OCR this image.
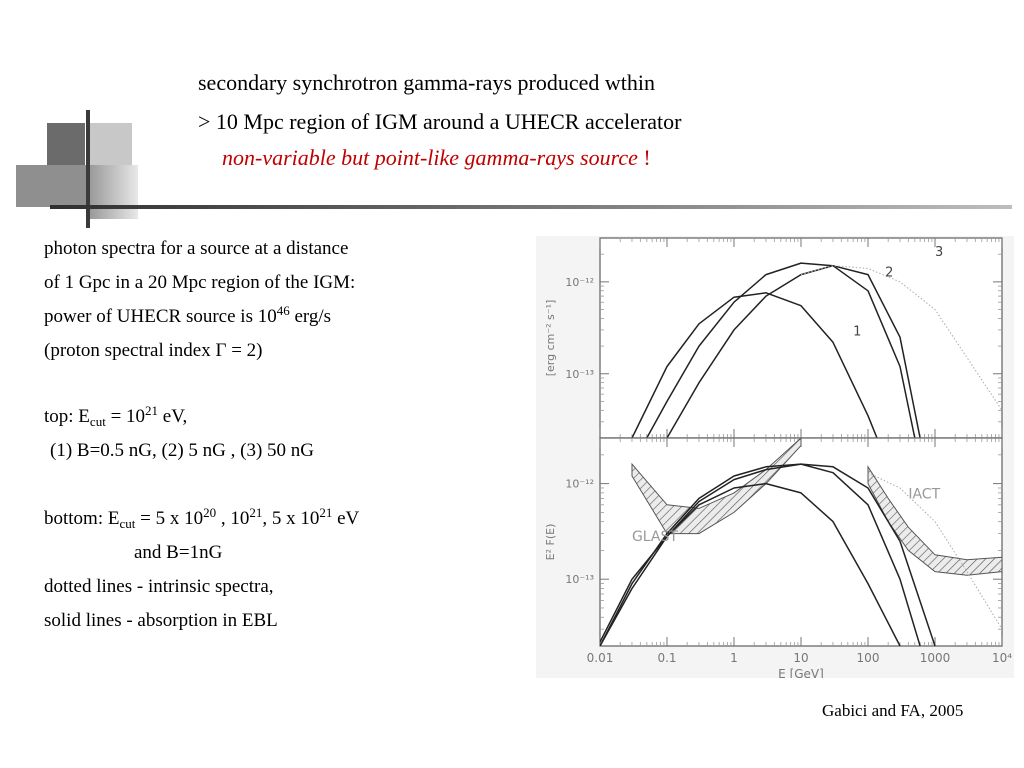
secondary synchrotron gamma-rays produced wthin
> 10 Mpc region of IGM around a UHECR accelerator
non-variable but point-like gamma-rays source !
photon spectra for a source at a distance
of 1 Gpc in a 20 Mpc region of the IGM:
power of UHECR source is $10^{46}$ erg/s
(proton spectral index Γ = 2)
top: $E_{cut} = 10^{21}$ eV,
(1) B=0.5 nG, (2) 5 nG , (3) 50 nG
bottom: $E_{cut} = 5$ x $10^{20}$ , $10^{21}$, 5 x $10^{21}$ eV
and B=1nG
dotted lines - intrinsic spectra,
solid lines - absorption in EBL
10⁻¹²
10⁻¹³
[erg cm⁻² s⁻¹]	1
2
3
10⁻¹²
10⁻¹³
E² F(E)	GLAST
IACT
0.01	0.1	1	10	100	1000	10⁴
E [GeV]
Gabici and FA, 2005
